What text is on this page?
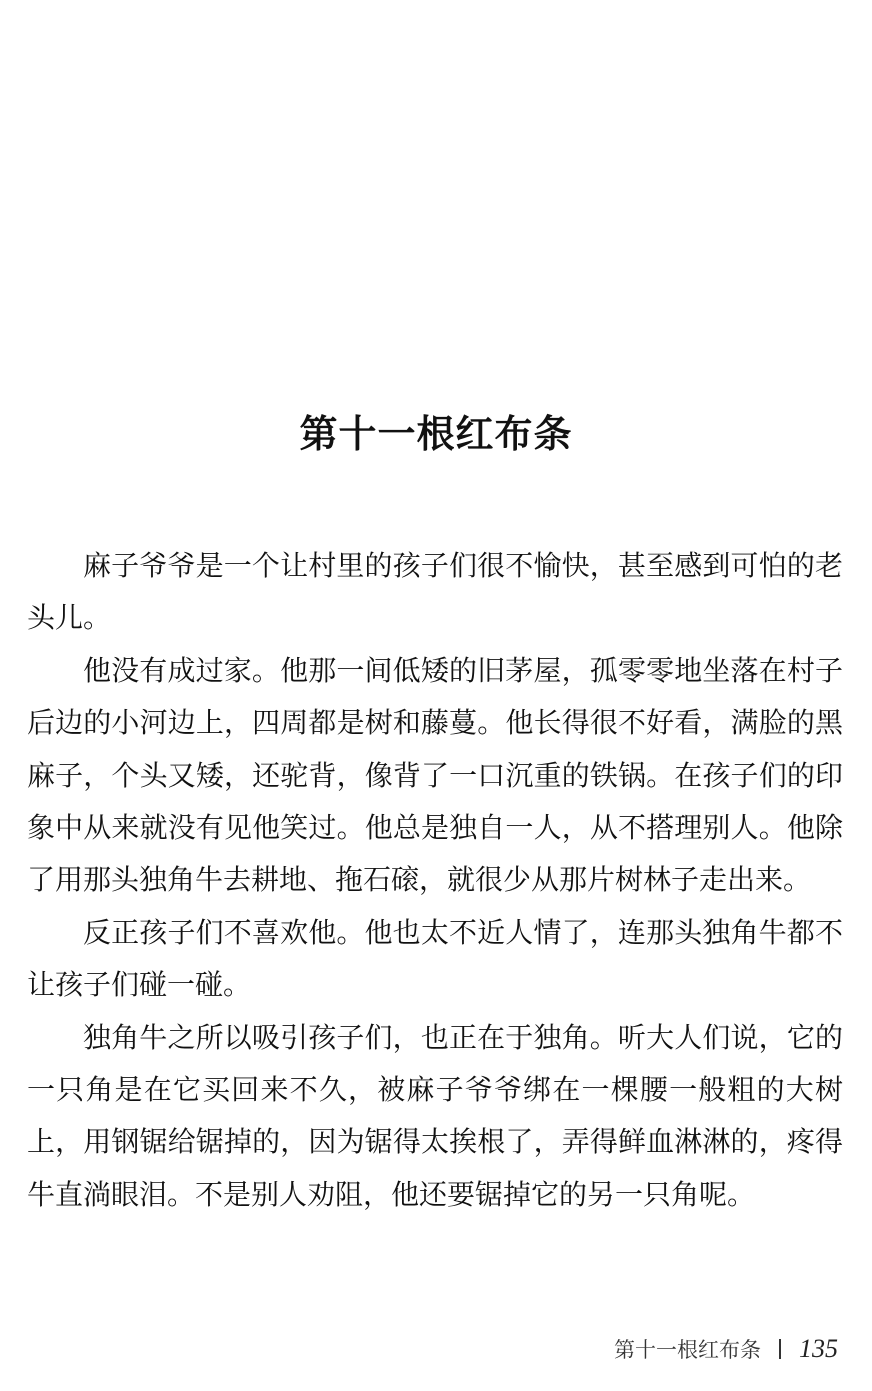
第十一根红布条

麻子爷爷是一个让村里的孩子们很不愉快，甚至感到可怕的老头儿。

他没有成过家。他那一间低矮的旧茅屋，孤零零地坐落在村子后边的小河边上，四周都是树和藤蔓。他长得很不好看，满脸的黑麻子，个头又矮，还驼背，像背了一口沉重的铁锅。在孩子们的印象中从来就没有见他笑过。他总是独自一人，从不搭理别人。他除了用那头独角牛去耕地、拖石磙，就很少从那片树林子走出来。

反正孩子们不喜欢他。他也太不近人情了，连那头独角牛都不让孩子们碰一碰。

独角牛之所以吸引孩子们，也正在于独角。听大人们说，它的一只角是在它买回来不久，被麻子爷爷绑在一棵腰一般粗的大树上，用钢锯给锯掉的，因为锯得太挨根了，弄得鲜血淋淋的，疼得牛直淌眼泪。不是别人劝阻，他还要锯掉它的另一只角呢。

第十一根红布条 135
